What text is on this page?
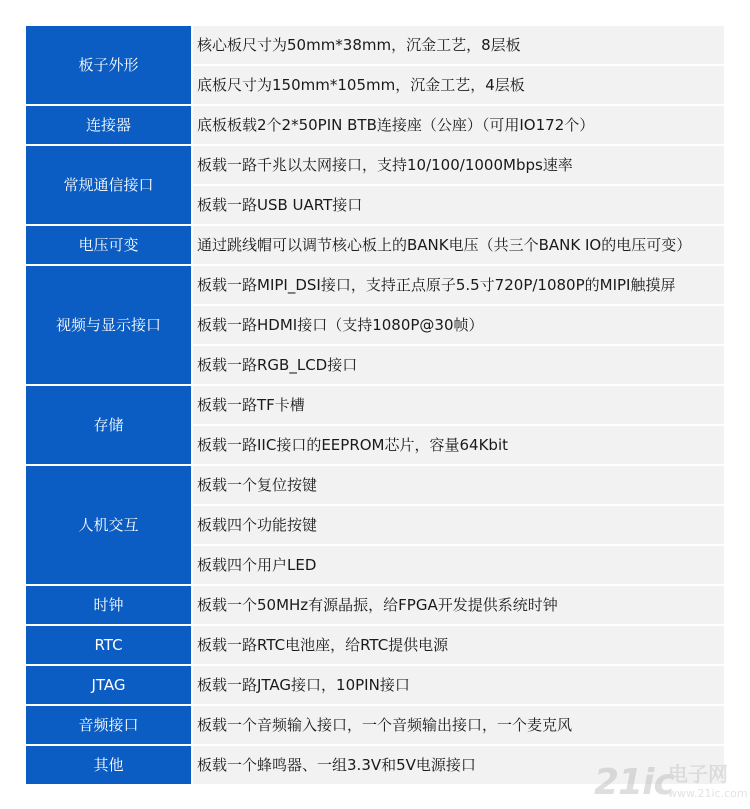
板子外形	核心板尺寸为50mm*38mm，沉金工艺，8层板
	底板尺寸为150mm*105mm，沉金工艺，4层板
连接器	底板板载2个2*50PIN BTB连接座（公座）（可用IO172个）
常规通信接口	板载一路千兆以太网接口，支持10/100/1000Mbps速率
	板载一路USB UART接口
电压可变	通过跳线帽可以调节核心板上的BANK电压（共三个BANK IO的电压可变）
视频与显示接口	板载一路MIPI_DSI接口，支持正点原子5.5寸720P/1080P的MIPI触摸屏
	板载一路HDMI接口（支持1080P@30帧）
	板载一路RGB_LCD接口
存储	板载一路TF卡槽
	板载一路IIC接口的EEPROM芯片，容量64Kbit
人机交互	板载一个复位按键
	板载四个功能按键
	板载四个用户LED
时钟	板载一个50MHz有源晶振，给FPGA开发提供系统时钟
RTC	板载一路RTC电池座，给RTC提供电源
JTAG	板载一路JTAG接口，10PIN接口
音频接口	板载一个音频输入接口，一个音频输出接口，一个麦克风
其他	板载一个蜂鸣器、一组3.3V和5V电源接口	21ic
电子网
www.21ic.com
